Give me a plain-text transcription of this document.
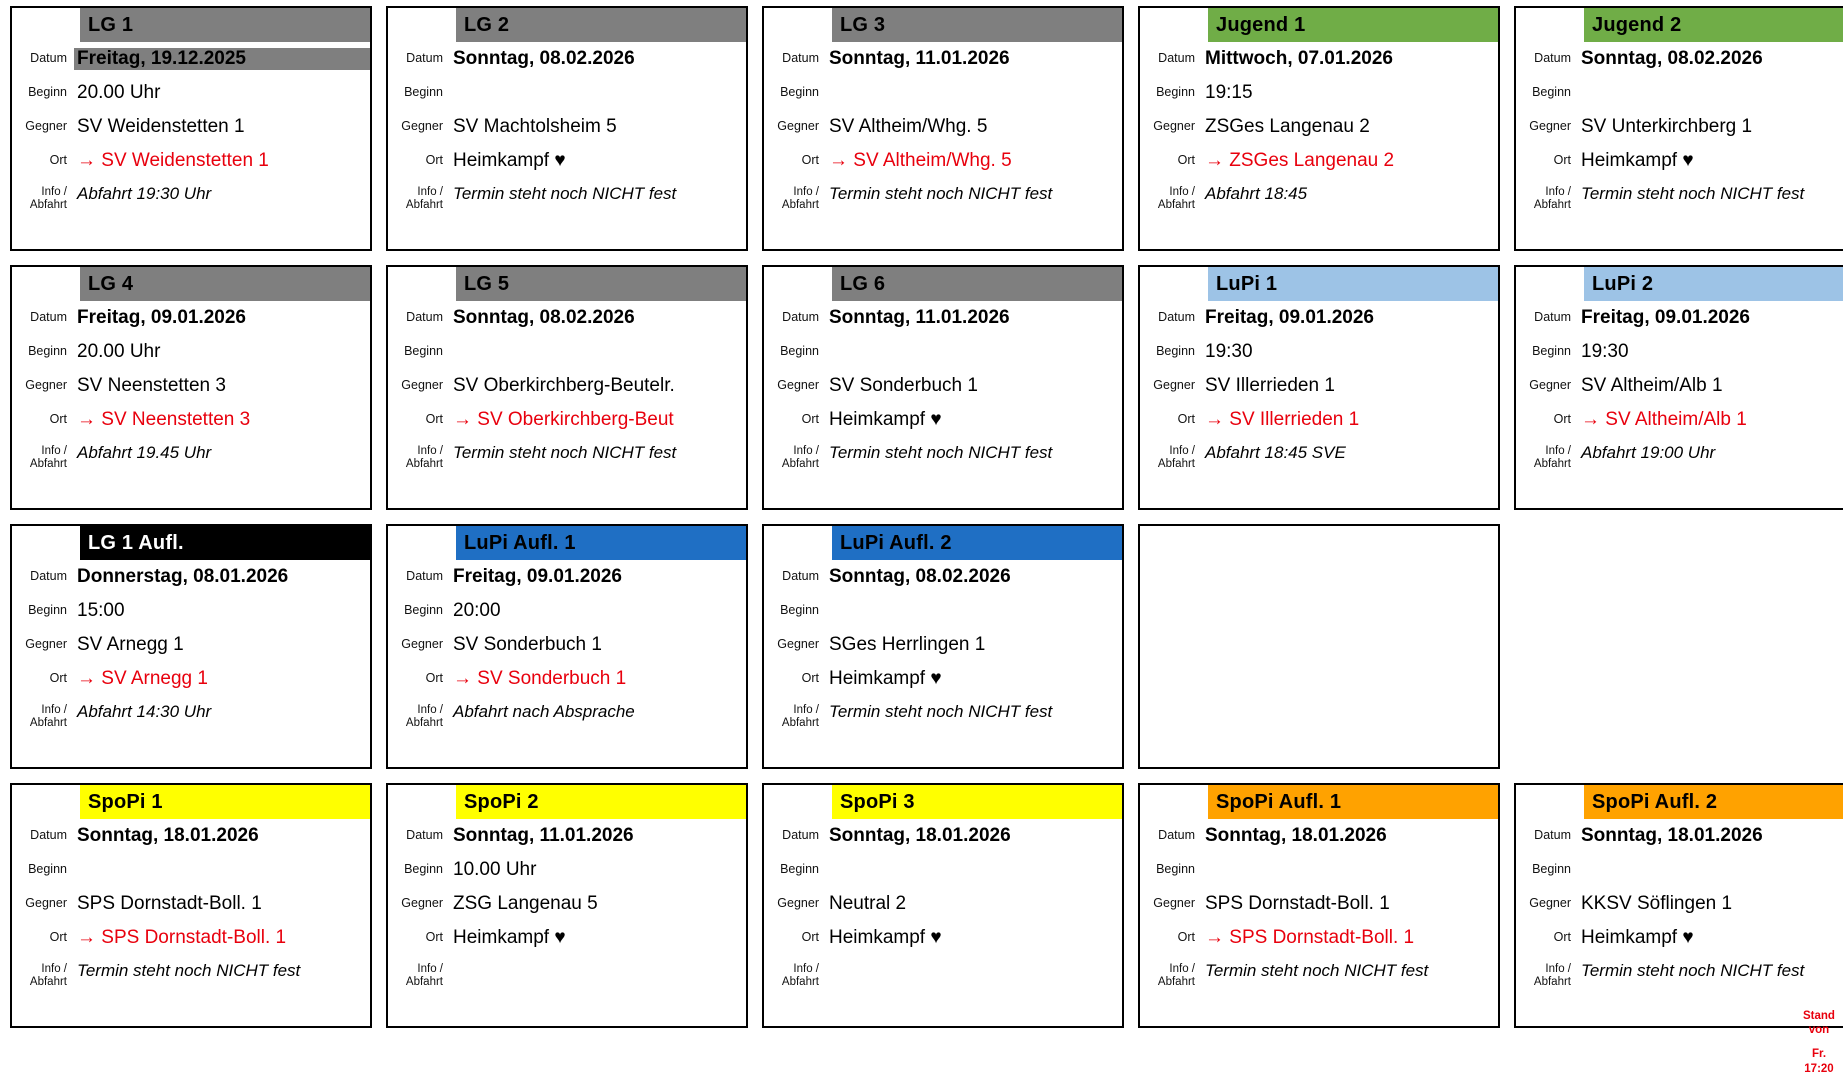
LG 1
Datum Freitag, 19.12.2025
Beginn 20.00 Uhr
Gegner SV Weidenstetten 1
Ort → SV Weidenstetten 1
Info /
Abfahrt
Abfahrt 19:30 Uhr
LG 2
Datum Sonntag, 08.02.2026
Beginn
Gegner SV Machtolsheim 5
Ort Heimkampf ♥
Info /
Abfahrt
Termin steht noch NICHT fest
LG 3
Datum Sonntag, 11.01.2026
Beginn
Gegner SV Altheim/Whg. 5
Ort → SV Altheim/Whg. 5
Info /
Abfahrt
Termin steht noch NICHT fest
Jugend 1
Datum Mittwoch, 07.01.2026
Beginn 19:15
Gegner ZSGes Langenau 2
Ort → ZSGes Langenau 2
Info /
Abfahrt
Abfahrt 18:45
Jugend 2
Datum Sonntag, 08.02.2026
Beginn
Gegner SV Unterkirchberg 1
Ort Heimkampf ♥
Info /
Abfahrt
Termin steht noch NICHT fest
LG 4
Datum Freitag, 09.01.2026
Beginn 20.00 Uhr
Gegner SV Neenstetten 3
Ort → SV Neenstetten 3
Info /
Abfahrt
Abfahrt 19.45 Uhr
LG 5
Datum Sonntag, 08.02.2026
Beginn
Gegner SV Oberkirchberg-Beutelr.
Ort → SV Oberkirchberg-Beut
Info /
Abfahrt
Termin steht noch NICHT fest
LG 6
Datum Sonntag, 11.01.2026
Beginn
Gegner SV Sonderbuch 1
Ort Heimkampf ♥
Info /
Abfahrt
Termin steht noch NICHT fest
LuPi 1
Datum Freitag, 09.01.2026
Beginn 19:30
Gegner SV Illerrieden 1
Ort → SV Illerrieden 1
Info /
Abfahrt
Abfahrt 18:45 SVE
LuPi 2
Datum Freitag, 09.01.2026
Beginn 19:30
Gegner SV Altheim/Alb 1
Ort → SV Altheim/Alb 1
Info /
Abfahrt
Abfahrt 19:00 Uhr
LG 1 Aufl.
Datum Donnerstag, 08.01.2026
Beginn 15:00
Gegner SV Arnegg 1
Ort → SV Arnegg 1
Info /
Abfahrt
Abfahrt 14:30 Uhr
LuPi Aufl. 1
Datum Freitag, 09.01.2026
Beginn 20:00
Gegner SV Sonderbuch 1
Ort → SV Sonderbuch 1
Info /
Abfahrt
Abfahrt nach Absprache
LuPi Aufl. 2
Datum Sonntag, 08.02.2026
Beginn
Gegner SGes Herrlingen 1
Ort Heimkampf ♥
Info /
Abfahrt
Termin steht noch NICHT fest
SpoPi 1
Datum Sonntag, 18.01.2026
Beginn
Gegner SPS Dornstadt-Boll. 1
Ort → SPS Dornstadt-Boll. 1
Info /
Abfahrt
Termin steht noch NICHT fest
SpoPi 2
Datum Sonntag, 11.01.2026
Beginn 10.00 Uhr
Gegner ZSG Langenau 5
Ort Heimkampf ♥
Info /
Abfahrt
SpoPi 3
Datum Sonntag, 18.01.2026
Beginn
Gegner Neutral 2
Ort Heimkampf ♥
Info /
Abfahrt
SpoPi Aufl. 1
Datum Sonntag, 18.01.2026
Beginn
Gegner SPS Dornstadt-Boll. 1
Ort → SPS Dornstadt-Boll. 1
Info /
Abfahrt
Termin steht noch NICHT fest
SpoPi Aufl. 2
Datum Sonntag, 18.01.2026
Beginn
Gegner KKSV Söflingen 1
Ort Heimkampf ♥
Info /
Abfahrt
Termin steht noch NICHT fest
Stand
von

Fr.
17:20
